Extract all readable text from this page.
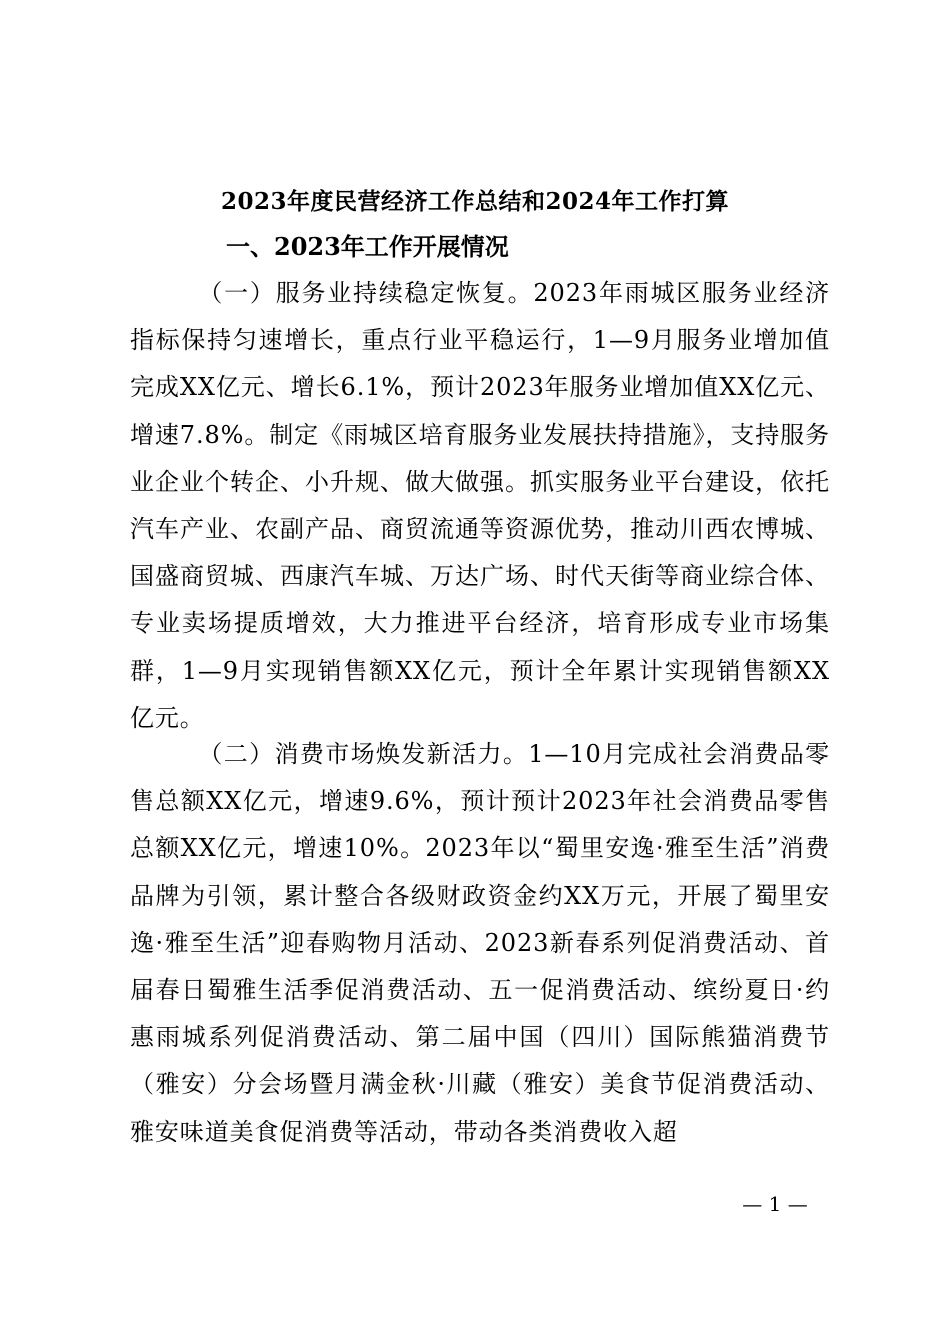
2023年度民营经济工作总结和2024年工作打算
一、2023年工作开展情况

（一）服务业持续稳定恢复。2023年雨城区服务业经济指标保持匀速增长，重点行业平稳运行，1—9月服务业增加值完成XX亿元、增长6.1%，预计2023年服务业增加值XX亿元、增速7.8%。制定《雨城区培育服务业发展扶持措施》，支持服务业企业个转企、小升规、做大做强。抓实服务业平台建设，依托汽车产业、农副产品、商贸流通等资源优势，推动川西农博城、国盛商贸城、西康汽车城、万达广场、时代天街等商业综合体、专业卖场提质增效，大力推进平台经济，培育形成专业市场集群，1—9月实现销售额XX亿元，预计全年累计实现销售额XX亿元。

（二）消费市场焕发新活力。1—10月完成社会消费品零售总额XX亿元，增速9.6%，预计预计2023年社会消费品零售总额XX亿元，增速10%。2023年以“蜀里安逸·雅至生活”消费品牌为引领，累计整合各级财政资金约XX万元，开展了蜀里安逸·雅至生活”迎春购物月活动、2023新春系列促消费活动、首届春日蜀雅生活季促消费活动、五一促消费活动、缤纷夏日·约惠雨城系列促消费活动、第二届中国（四川）国际熊猫消费节（雅安）分会场暨月满金秋·川藏（雅安）美食节促消费活动、雅安味道美食促消费等活动，带动各类消费收入超

— 1 —
